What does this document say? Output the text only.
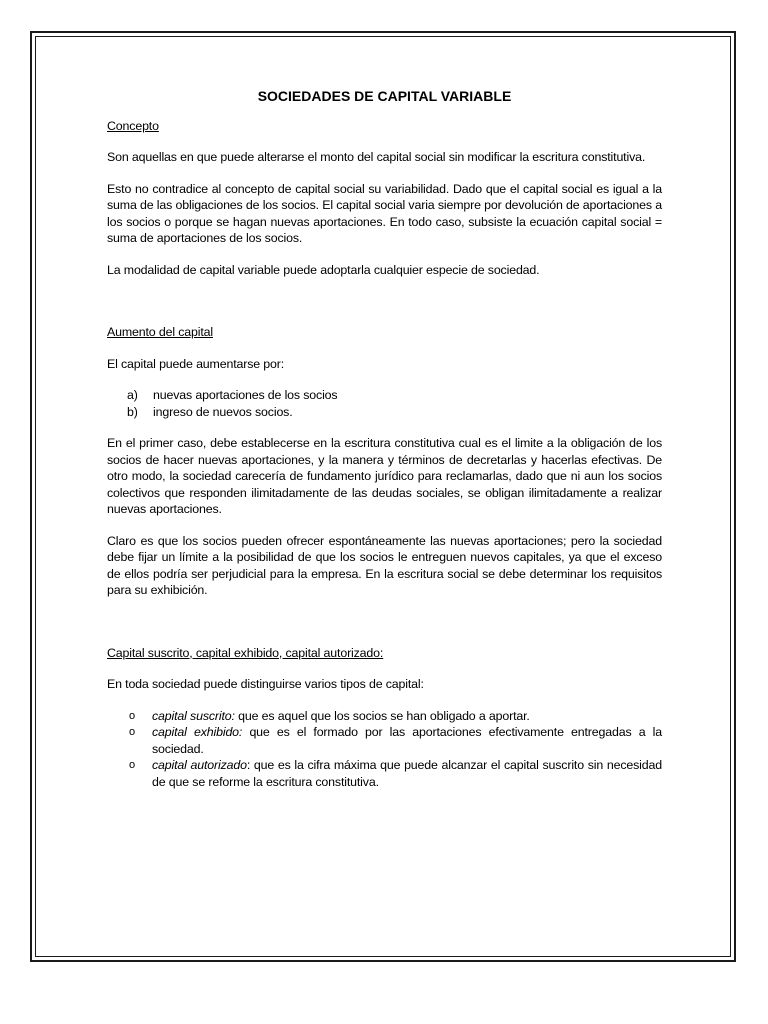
SOCIEDADES DE CAPITAL VARIABLE
Concepto

Son aquellas en que puede alterarse el monto del capital social sin modificar la escritura constitutiva.

Esto no contradice al concepto de capital social su variabilidad. Dado que el capital social es igual a la suma de las obligaciones de los socios. El capital social varia siempre por devolución de aportaciones a los socios o porque se hagan nuevas aportaciones. En todo caso, subsiste la ecuación capital social = suma de aportaciones de los socios.

La modalidad de capital variable puede adoptarla cualquier especie de sociedad.

Aumento del capital

El capital puede aumentarse por:

a)	nuevas aportaciones de los socios
b)	ingreso de nuevos socios.

En el primer caso, debe establecerse en la escritura constitutiva cual es el limite a la obligación de los socios de hacer nuevas aportaciones, y la manera y términos de decretarlas y hacerlas efectivas. De otro modo, la sociedad carecería de fundamento jurídico para reclamarlas, dado que ni aun los socios colectivos que responden ilimitadamente de las deudas sociales, se obligan ilimitadamente a realizar nuevas aportaciones.

Claro es que los socios pueden ofrecer espontáneamente las nuevas aportaciones; pero la sociedad debe fijar un límite a la posibilidad de que los socios le entreguen nuevos capitales, ya que el exceso de ellos podría ser perjudicial para la empresa. En la escritura social se debe determinar los requisitos para su exhibición.

Capital suscrito, capital exhibido, capital autorizado:

En toda sociedad puede distinguirse varios tipos de capital:

o	capital suscrito: que es aquel que los socios se han obligado a aportar.
o	capital exhibido: que es el formado por las aportaciones efectivamente entregadas a la sociedad.
o	capital autorizado: que es la cifra máxima que puede alcanzar el capital suscrito sin necesidad de que se reforme la escritura constitutiva.
